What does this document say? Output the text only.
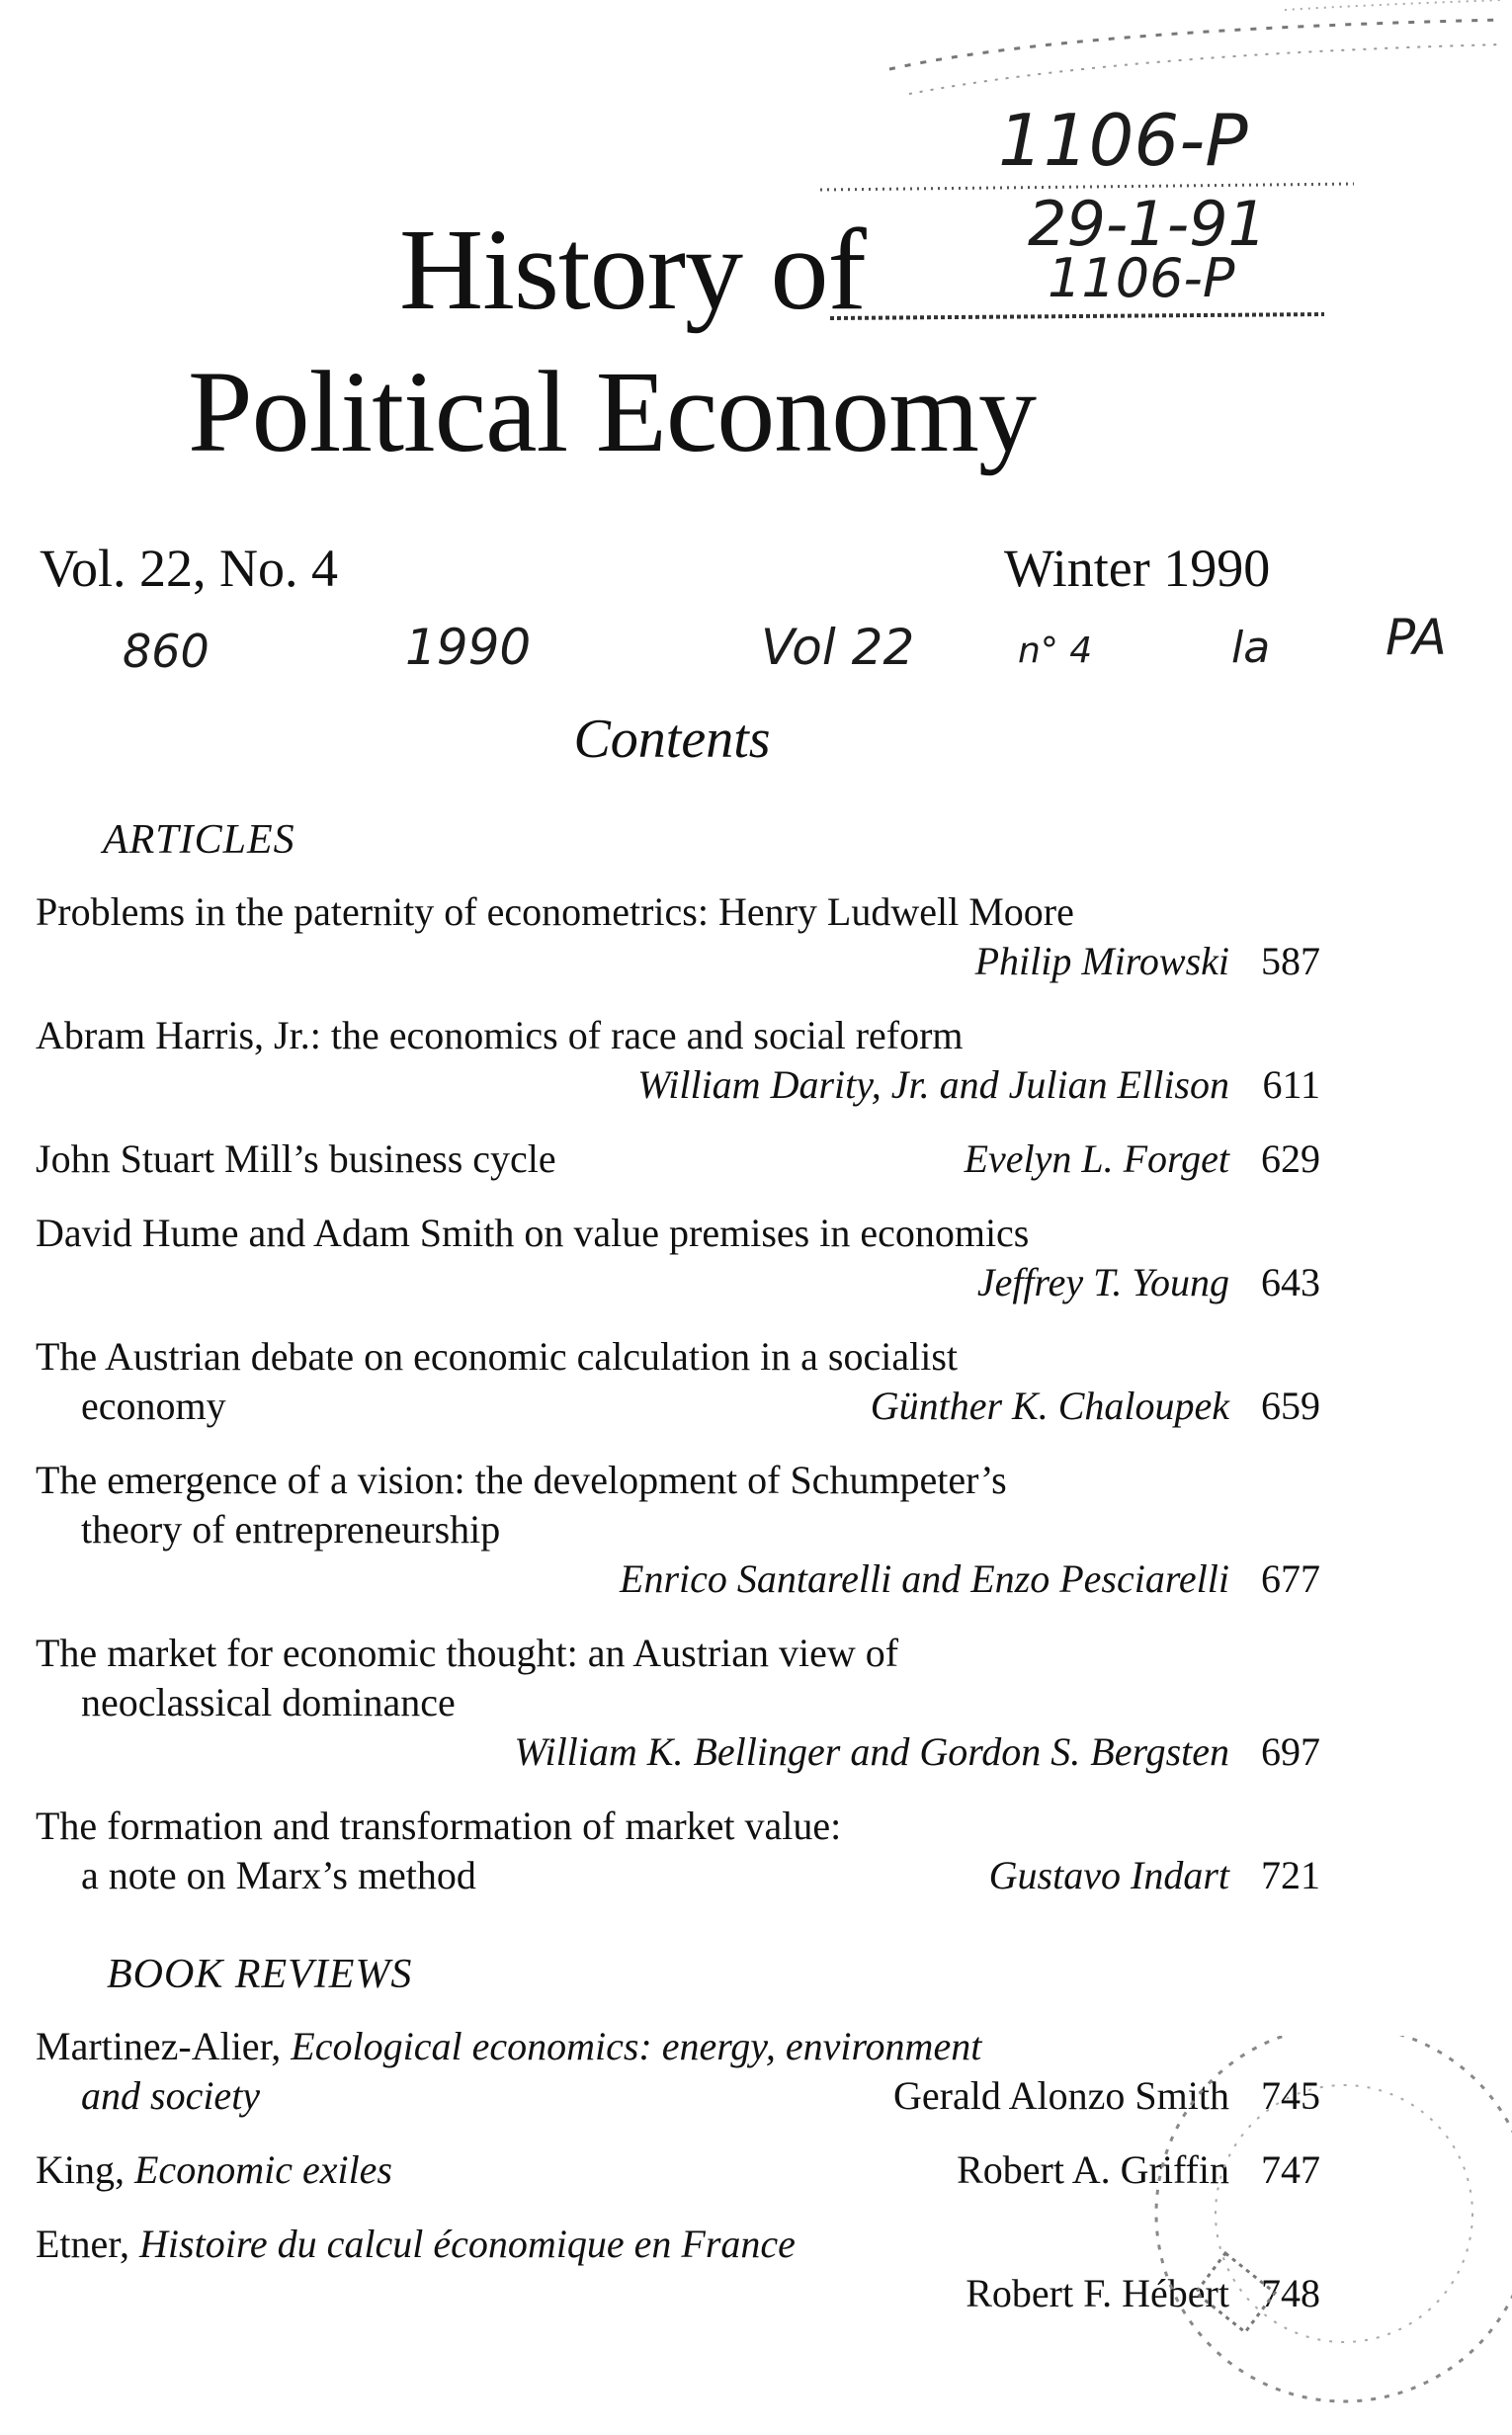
History of
Political Economy
1106-P
29-1-91
1106-P
Vol. 22, No. 4	Winter 1990
860	1990	Vol 22	n° 4	la PA
Contents
ARTICLES
Problems in the paternity of econometrics: Henry Ludwell Moore
Philip Mirowski 587
Abram Harris, Jr.: the economics of race and social reform
William Darity, Jr. and Julian Ellison 611
John Stuart Mill’s business cycle	Evelyn L. Forget 629
David Hume and Adam Smith on value premises in economics
Jeffrey T. Young 643
The Austrian debate on economic calculation in a socialist
economy	Günther K. Chaloupek 659
The emergence of a vision: the development of Schumpeter’s
theory of entrepreneurship
Enrico Santarelli and Enzo Pesciarelli 677
The market for economic thought: an Austrian view of
neoclassical dominance
William K. Bellinger and Gordon S. Bergsten 697
The formation and transformation of market value:
a note on Marx’s method	Gustavo Indart 721
BOOK REVIEWS
Martinez-Alier, Ecological economics: energy, environment
and society	Gerald Alonzo Smith 745
King, Economic exiles	Robert A. Griffin 747
Etner, Histoire du calcul économique en France
Robert F. Hébert 748
